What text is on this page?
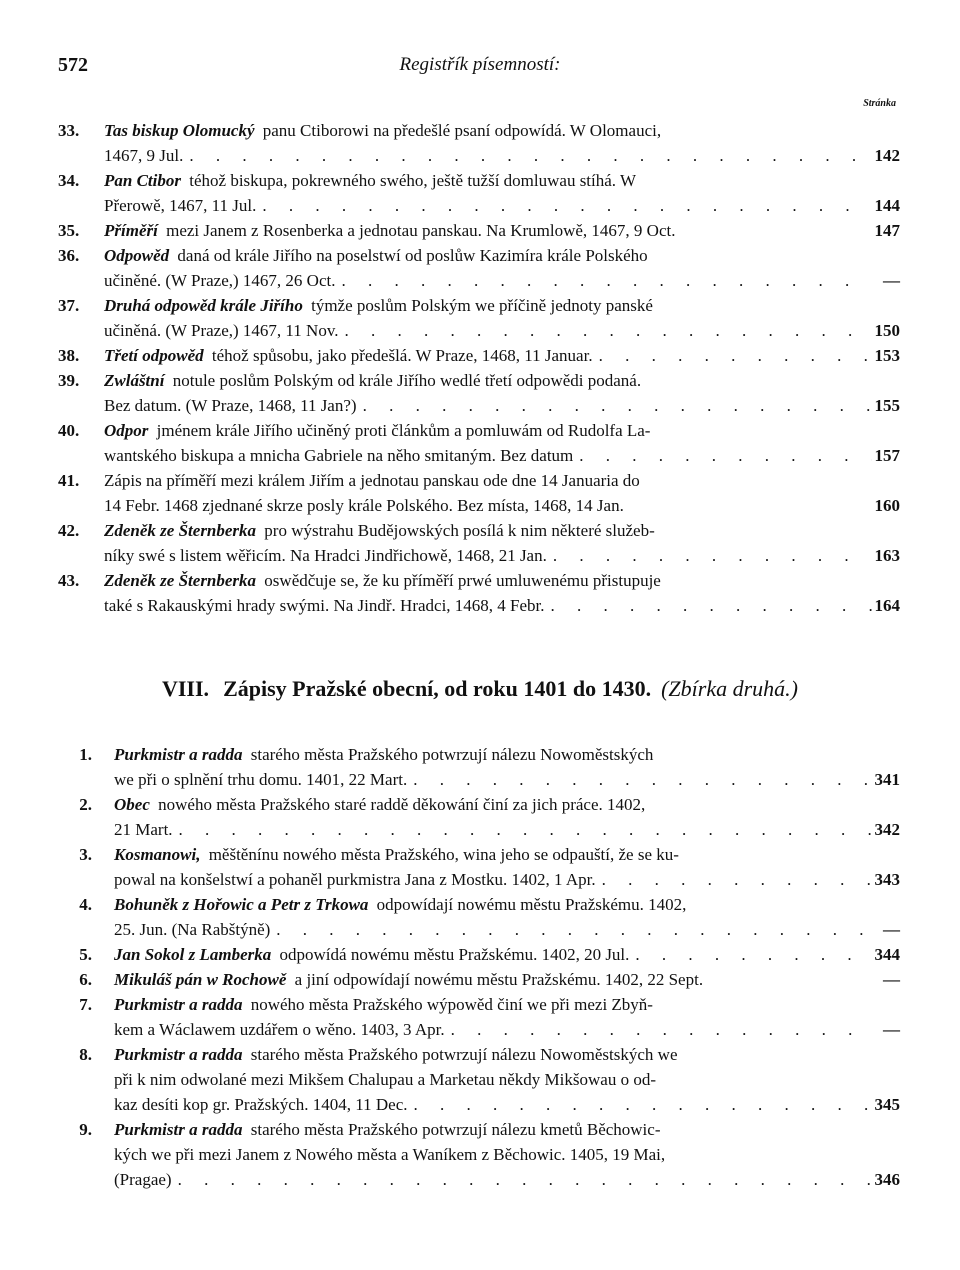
572	Registřík písemností:
Stránka
33.	Tas biskup Olomucký panu Ctiborowi na předešlé psaní odpowídá. W Olomauci,
1467, 9 Jul. . . .	142
34.	Pan Ctibor téhož biskupa, pokrewného swého, ještě tužší domluwau stíhá. W
Přerowě, 1467, 11 Jul. . . .	144
35.	Příměří mezi Janem z Rosenberka a jednotau panskau. Na Krumlowě, 1467, 9 Oct.	147
36.	Odpowěd daná od krále Jiřího na poselstwí od poslůw Kazimíra krále Polského
učiněné. (W Praze,) 1467, 26 Oct. . . .	—
37.	Druhá odpowěd krále Jiřího týmže poslům Polským we příčině jednoty panské
učiněná. (W Praze,) 1467, 11 Nov. . . .	150
38.	Třetí odpowěd téhož spůsobu, jako předešlá. W Praze, 1468, 11 Januar. . . .	153
39.	Zwláštní notule poslům Polským od krále Jiřího wedlé třetí odpowědi podaná.
Bez datum. (W Praze, 1468, 11 Jan?) . . .	155
40.	Odpor jménem krále Jiřího učiněný proti článkům a pomluwám od Rudolfa La-
wantského biskupa a mnicha Gabriele na něho smitaným. Bez datum . . .	157
41.	Zápis na příměří mezi králem Jiřím a jednotau panskau ode dne 14 Januaria do
14 Febr. 1468 zjednané skrze posly krále Polského. Bez místa, 1468, 14 Jan.	160
42.	Zdeněk ze Šternberka pro wýstrahu Budějowských posílá k nim některé služeb-
níky swé s listem wěřicím. Na Hradci Jindřichowě, 1468, 21 Jan. . . .	163
43.	Zdeněk ze Šternberka oswědčuje se, že ku příměří prwé umluwenému přistupuje
také s Rakauskými hrady swými. Na Jindř. Hradci, 1468, 4 Febr. . . .	164
VIII. Zápisy Pražské obecní, od roku 1401 do 1430. (Zbírka druhá.)
1.	Purkmistr a radda starého města Pražského potwrzují nálezu Nowoměstských
we při o splnění trhu domu. 1401, 22 Mart. . . .	341
2.	Obec nowého města Pražského staré raddě děkowání činí za jich práce. 1402,
21 Mart. . . .	342
3.	Kosmanowi, měštěnínu nowého města Pražského, wina jeho se odpauští, že se ku-
powal na konšelstwí a pohaněl purkmistra Jana z Mostku. 1402, 1 Apr. . . .	343
4.	Bohuněk z Hořowic a Petr z Trkowa odpowídají nowému městu Pražskému. 1402,
25. Jun. (Na Rabštýně) . . .	—
5.	Jan Sokol z Lamberka odpowídá nowému městu Pražskému. 1402, 20 Jul. . . .	344
6.	Mikuláš pán w Rochowě a jiní odpowídají nowému městu Pražskému. 1402, 22 Sept.	—
7.	Purkmistr a radda nowého města Pražského wýpowěd činí we při mezi Zbyň-
kem a Wáclawem uzdářem o wěno. 1403, 3 Apr. . . .	—
8.	Purkmistr a radda starého města Pražského potwrzují nálezu Nowoměstských we
při k nim odwolané mezi Mikšem Chalupau a Marketau někdy Mikšowau o od-
kaz desíti kop gr. Pražských. 1404, 11 Dec. . . .	345
9.	Purkmistr a radda starého města Pražského potwrzují nálezu kmetů Běchowic-
kých we při mezi Janem z Nowého města a Waníkem z Běchowic. 1405, 19 Mai,
(Pragae) . . .	346
